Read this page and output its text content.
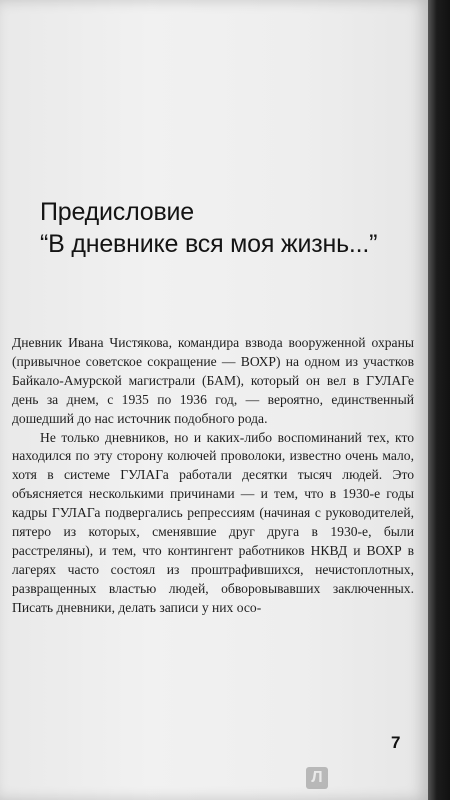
Предисловие
“В дневнике вся моя жизнь...”

Дневник Ивана Чистякова, командира взвода вооруженной охраны (привычное советское сокращение — ВОХР) на одном из участков Байкало-Амурской магистрали (БАМ), который он вел в ГУЛАГе день за днем, с 1935 по 1936 год, — вероятно, единственный дошедший до нас источник подобного рода.

Не только дневников, но и каких-либо воспоминаний тех, кто находился по этy сторону колючей проволоки, известно очень мало, хотя в системе ГУЛАГа работали десятки тысяч людей. Это объясняется несколькими причинами — и тем, что в 1930-е годы кадры ГУЛАГа подвергались репрессиям (начиная с руководителей, пятеро из которых, сменявшие друг друга в 1930-е, были расстреляны), и тем, что контингент работников НКВД и ВОХР в лагерях часто состоял из проштрафившихся, нечистоплотных, развращенных властью людей, обворовывавших заключенных. Писать дневники, делать записи у них осо-

7
Л
